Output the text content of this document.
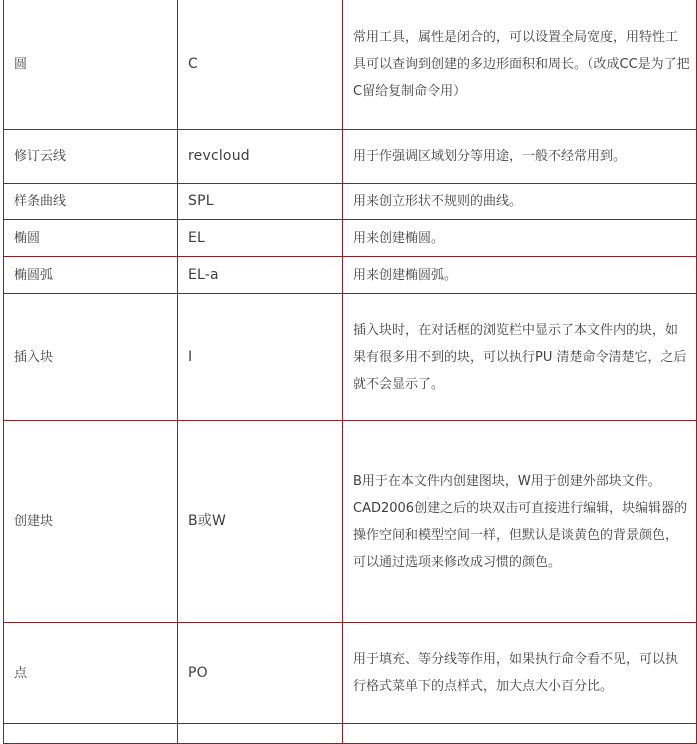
圆	C	常用工具，属性是闭合的，可以设置全局宽度，用特性工具可以查询到创建的多边形面积和周长。（改成CC是为了把C留给复制命令用）
修订云线	revcloud	用于作强调区域划分等用途，一般不经常用到。
样条曲线	SPL	用来创立形状不规则的曲线。
椭圆	EL	用来创建椭圆。
椭圆弧	EL-a	用来创建椭圆弧。
插入块	I	插入块时，在对话框的浏览栏中显示了本文件内的块，如果有很多用不到的块，可以执行PU 清楚命令清楚它，之后就不会显示了。
创建块	B或W	B用于在本文件内创建图块，W用于创建外部块文件。CAD2006创建之后的块双击可直接进行编辑，块编辑器的操作空间和模型空间一样，但默认是谈黄色的背景颜色，可以通过选项来修改成习惯的颜色。
点	PO	用于填充、等分线等作用，如果执行命令看不见，可以执行格式菜单下的点样式，加大点大小百分比。
